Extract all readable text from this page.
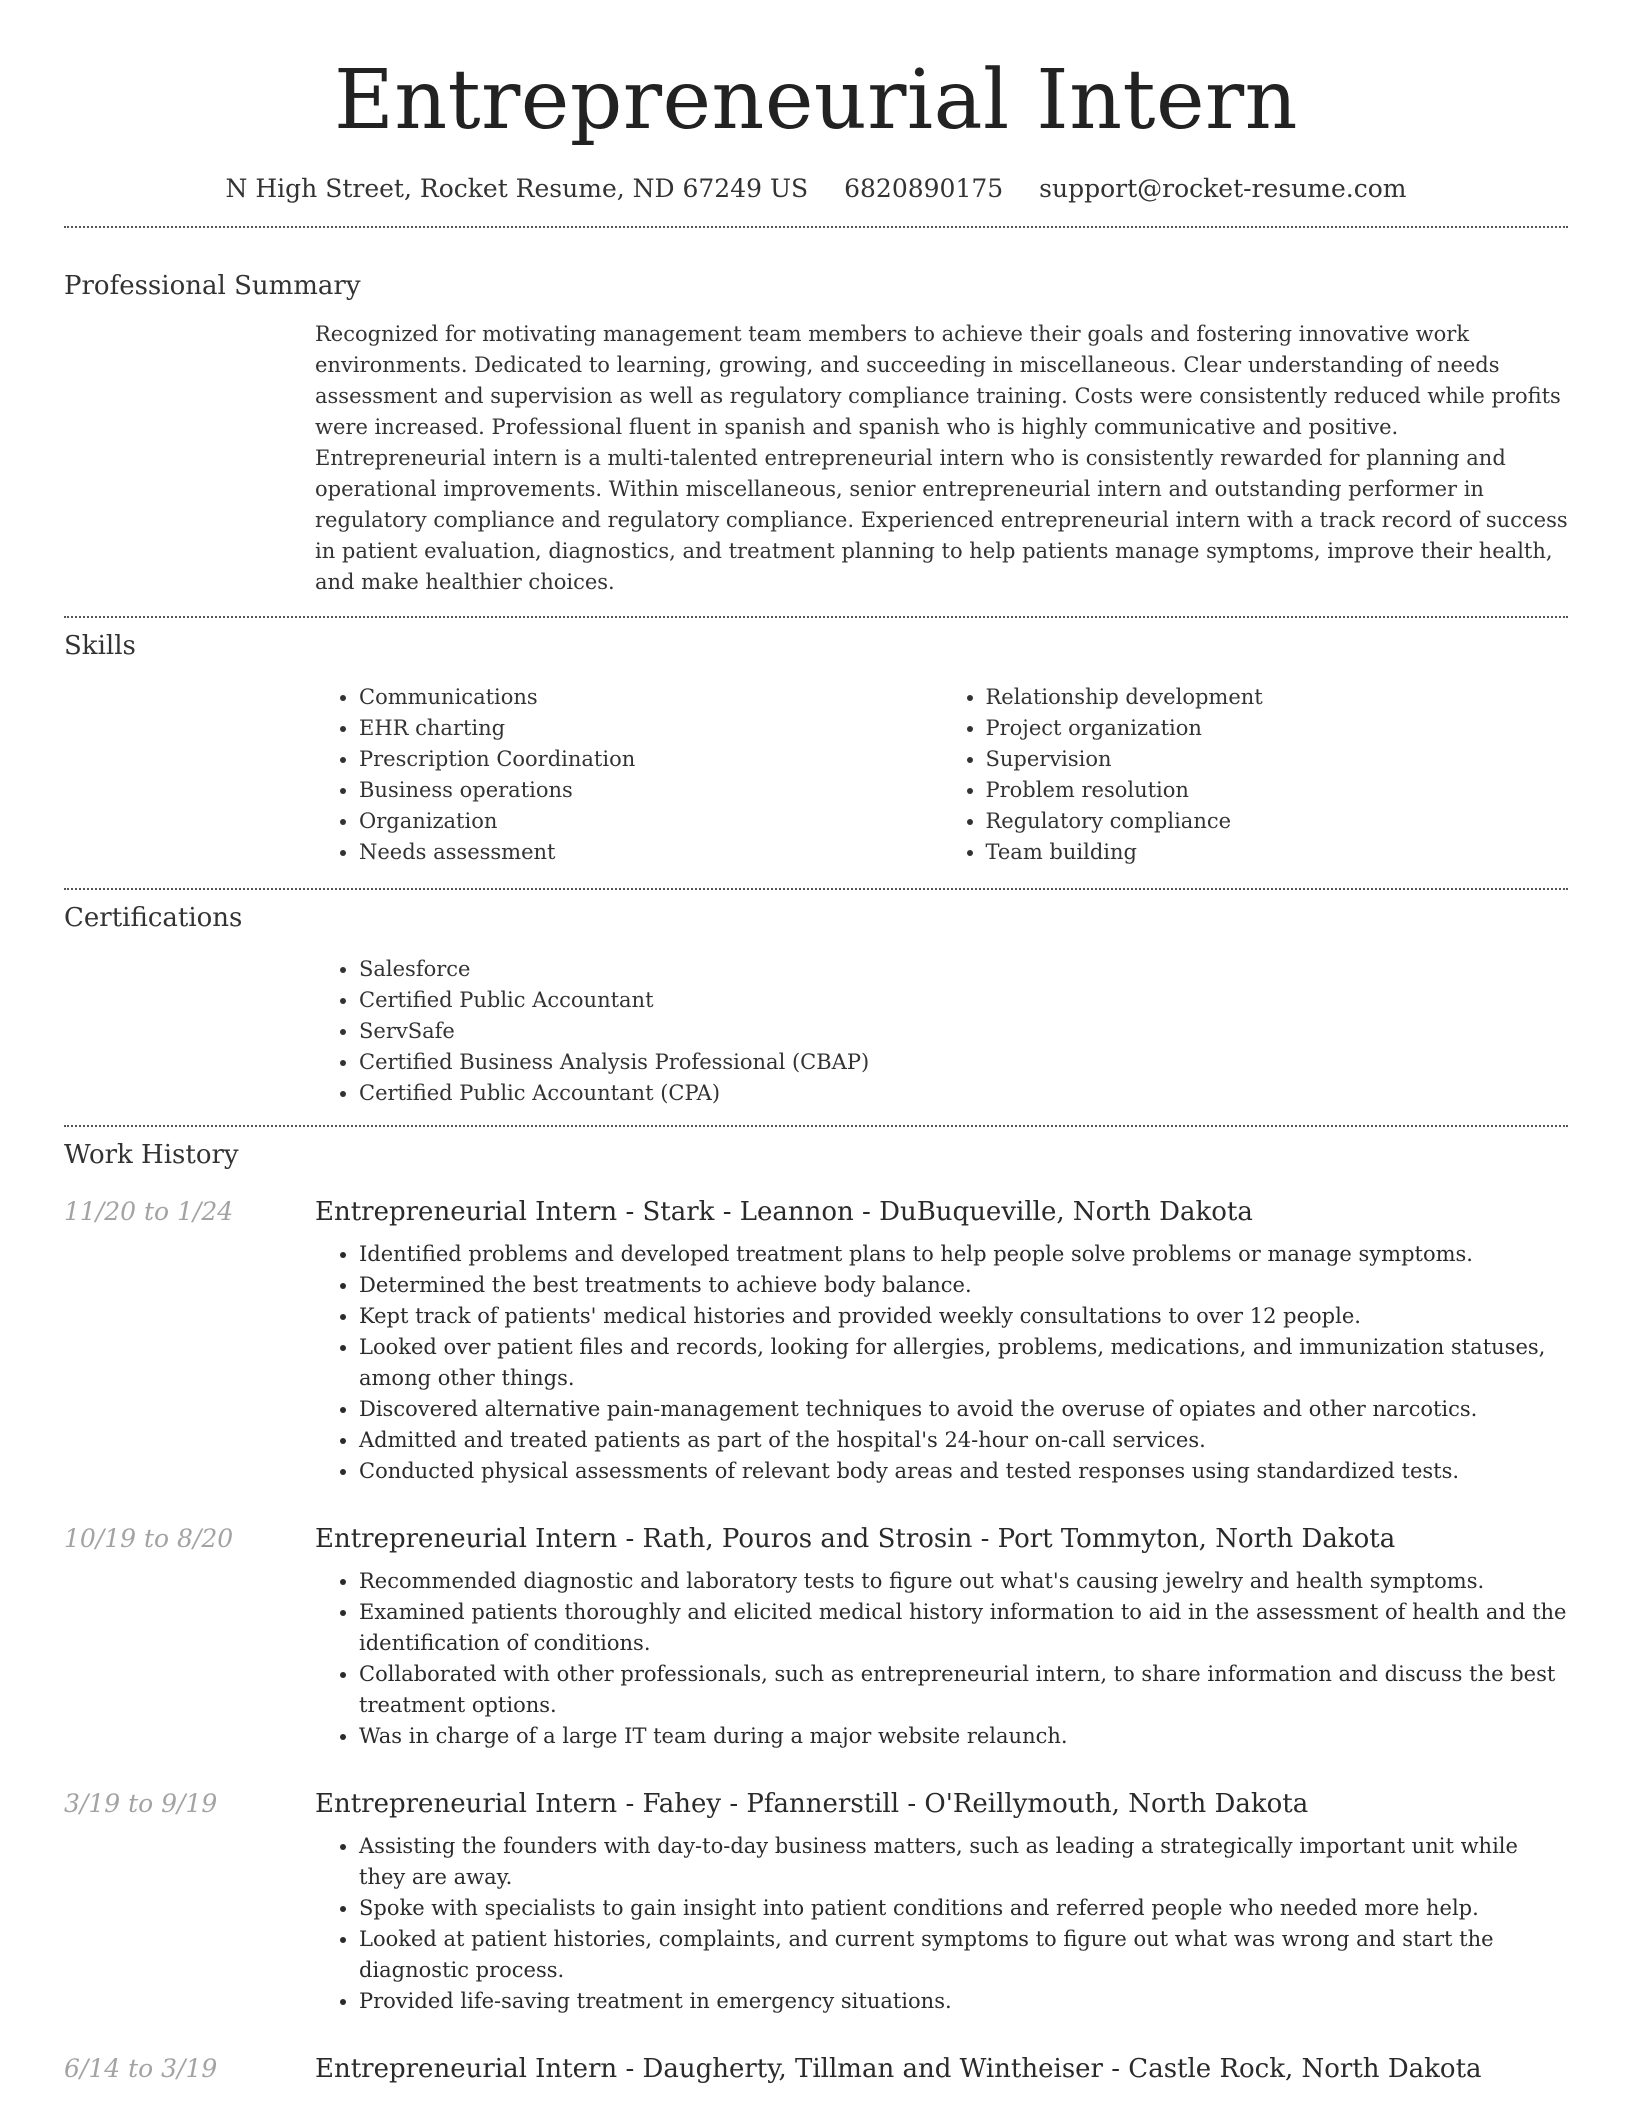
Entrepreneurial Intern
N High Street, Rocket Resume, ND 67249 US 6820890175 support@rocket-resume.com
Professional Summary

Recognized for motivating management team members to achieve their goals and fostering innovative work environments. Dedicated to learning, growing, and succeeding in miscellaneous. Clear understanding of needs assessment and supervision as well as regulatory compliance training. Costs were consistently reduced while profits were increased. Professional fluent in spanish and spanish who is highly communicative and positive. Entrepreneurial intern is a multi-talented entrepreneurial intern who is consistently rewarded for planning and operational improvements. Within miscellaneous, senior entrepreneurial intern and outstanding performer in regulatory compliance and regulatory compliance. Experienced entrepreneurial intern with a track record of success in patient evaluation, diagnostics, and treatment planning to help patients manage symptoms, improve their health, and make healthier choices.

Skills
• Communications
• EHR charting
• Prescription Coordination
• Business operations
• Organization
• Needs assessment
• Relationship development
• Project organization
• Supervision
• Problem resolution
• Regulatory compliance
• Team building
Certifications
• Salesforce
• Certified Public Accountant
• ServSafe
• Certified Business Analysis Professional (CBAP)
• Certified Public Accountant (CPA)
Work History
11/20 to 1/24	Entrepreneurial Intern - Stark - Leannon - DuBuqueville, North Dakota
• Identified problems and developed treatment plans to help people solve problems or manage symptoms.
• Determined the best treatments to achieve body balance.
• Kept track of patients' medical histories and provided weekly consultations to over 12 people.
• Looked over patient files and records, looking for allergies, problems, medications, and immunization statuses, among other things.
• Discovered alternative pain-management techniques to avoid the overuse of opiates and other narcotics.
• Admitted and treated patients as part of the hospital's 24-hour on-call services.
• Conducted physical assessments of relevant body areas and tested responses using standardized tests.
10/19 to 8/20	Entrepreneurial Intern - Rath, Pouros and Strosin - Port Tommyton, North Dakota
• Recommended diagnostic and laboratory tests to figure out what's causing jewelry and health symptoms.
• Examined patients thoroughly and elicited medical history information to aid in the assessment of health and the identification of conditions.
• Collaborated with other professionals, such as entrepreneurial intern, to share information and discuss the best treatment options.
• Was in charge of a large IT team during a major website relaunch.
3/19 to 9/19	Entrepreneurial Intern - Fahey - Pfannerstill - O'Reillymouth, North Dakota
• Assisting the founders with day-to-day business matters, such as leading a strategically important unit while they are away.
• Spoke with specialists to gain insight into patient conditions and referred people who needed more help.
• Looked at patient histories, complaints, and current symptoms to figure out what was wrong and start the diagnostic process.
• Provided life-saving treatment in emergency situations.
6/14 to 3/19	Entrepreneurial Intern - Daugherty, Tillman and Wintheiser - Castle Rock, North Dakota
